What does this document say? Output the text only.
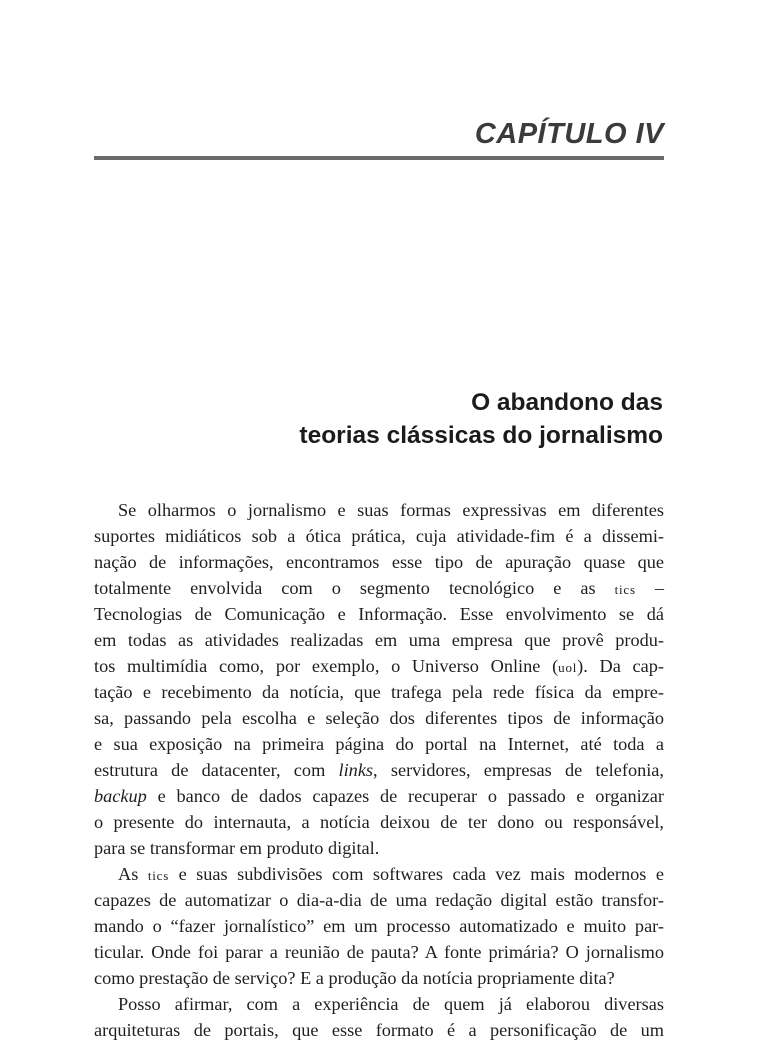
CAPÍTULO IV
O abandono das
teorias clássicas do jornalismo
Se olharmos o jornalismo e suas formas expressivas em diferentes
suportes midiáticos sob a ótica prática, cuja atividade-fim é a dissemi-
nação de informações, encontramos esse tipo de apuração quase que
totalmente envolvida com o segmento tecnológico e as tics –
Tecnologias de Comunicação e Informação. Esse envolvimento se dá
em todas as atividades realizadas em uma empresa que provê produ-
tos multimídia como, por exemplo, o Universo Online (uol). Da cap-
tação e recebimento da notícia, que trafega pela rede física da empre-
sa, passando pela escolha e seleção dos diferentes tipos de informação
e sua exposição na primeira página do portal na Internet, até toda a
estrutura de datacenter, com links, servidores, empresas de telefonia,
backup e banco de dados capazes de recuperar o passado e organizar
o presente do internauta, a notícia deixou de ter dono ou responsável,
para se transformar em produto digital.
As tics e suas subdivisões com softwares cada vez mais modernos e
capazes de automatizar o dia-a-dia de uma redação digital estão transfor-
mando o “fazer jornalístico” em um processo automatizado e muito par-
ticular. Onde foi parar a reunião de pauta? A fonte primária? O jornalismo
como prestação de serviço? E a produção da notícia propriamente dita?
Posso afirmar, com a experiência de quem já elaborou diversas
arquiteturas de portais, que esse formato é a personificação de um
